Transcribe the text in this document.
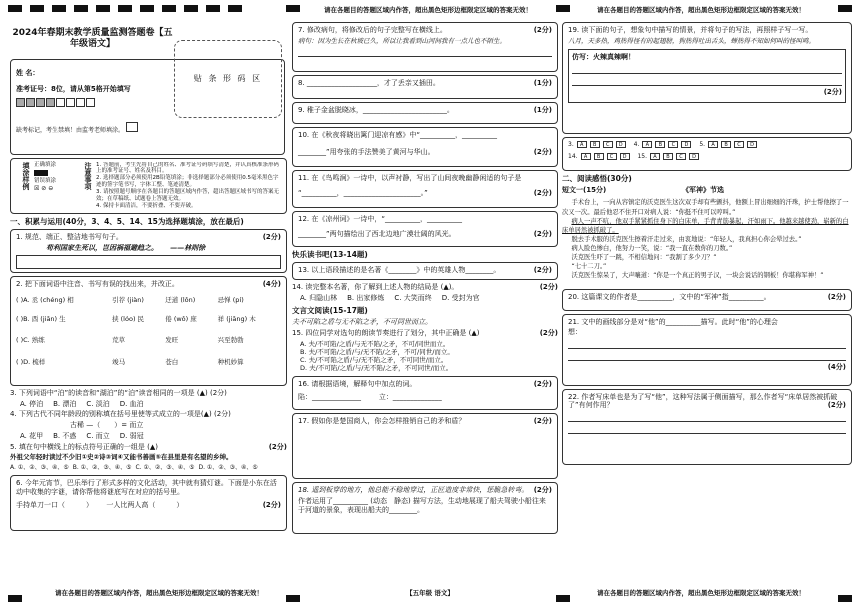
请在各题目的答题区域内作答，超出黑色矩形边框限定区域的答案无效！	请在各题目的答题区域内作答，超出黑色矩形边框限定区域的答案无效！
请在各题目的答题区域内作答，超出黑色矩形边框限定区域的答案无效！	请在各题目的答题区域内作答，超出黑色矩形边框限定区域的答案无效！
【五年级 语文】
2024年春期末教学质量监测答题卷【五年级语文】
姓 名：
准考证号：8位，请从第5格开始填写
缺考标记，考生禁填！由监考老师填涂。
填涂样例 正确填涂
错误填涂
☒ ⊘ ⊖	注意事项 1. 答题前，考生先将自己的姓名、准考证号码填写清楚，并认真核准条形码上的准考证号、姓名及科目。
2. 选择题部分必须使用2B铅笔填涂；非选择题部分必须使用0.5毫米黑色字迹的签字笔书写，字体工整、笔迹清楚。
3. 请按照题号顺序在各题目的答题区域内作答，超出答题区域书写的答案无效；在草稿纸、试题卷上答题无效。
4. 保持卡面清洁，不要折叠、不要弄破。
一、积累与运用(40分，3、4、5、14、15为选择题填涂，放在最后)
1. 规范、端正、整洁地书写句子。	(2分)
苟利国家生死以，岂因祸福避趋之。 ——林则徐
2. 把下面词语中注音、书写有误的找出来，并改正。	(4分)
( )A. 丞 (chéng) 相	引荐 (jiàn)	迂道 (lǒn)	忌惮 (pí)
( )B. 酉 (jiān) 生	挟 (lóo) 民	倦 (wǒ) 庶	祥 (jiāng) 木
( )C. 熟练	荒草	发旺	兴至勃勃
( )D. 梳样	竣马	苍白	种机妙算
3. 下列词语中“泊”的读音和“湖泊”的“泊”读音相同的一项是 (▲) (2分)
A. 停泊 B. 漂泊 C. 淡泊 D. 血泊
4. 下列古代不同年龄段的别称填在括号里使等式成立的一项是(▲) (2分)
古稀 —（　　）= 而立
A. 花甲 B. 不惑 C. 而立 D. 弱冠
5. 填在句中横线上的标点符号正确的一组是 (▲)	(2分)
外祖父年轻时读过不少旧①史②诗③词④又能书善画⑤在县里是有名望的乡绅。
A. ①、②、③、④、⑤ B. ①、②、③、④、⑤ C. ①、②、③、④、⑤ D. ①、②、③、④、⑤
6. 今年元宵节，巴乐举行了形式多样的文化活动，其中就有猜灯谜。下面是小东在活动中收集的字谜，请你帮他将谜底写在对应的括号里。
手持单刀一口（　　　） 一人比两人高（　　　）	(2分)
贴 条 形 码 区
7. 修改病句，将修改后的句子完整写在横线上。	(2分)
病句：因为生长在秋坡已久，所以让我看到山河间我有一点儿也不陌生。
8. ____________________，才了丢亲又插田。	(1分)
9. 稚子金盆脱晓冰，________________________。	(1分)
10. 在《秋夜将晓出篱门迎凉有感》中“__________，__________
________”用夸张的手法赞美了黄河与华山。	(2分)
11. 在《鸟鸣涧》一诗中，以声衬静，写出了山间夜晚幽静闲适的句子是
“__________，______________________。”	(2分)
12. 在《凉州词》一诗中，“__________，__________
________”两句描绘出了西北边地广漠壮阔的风光。	(2分)
快乐读书吧(13-14题)
13. 以上语段描述的是名著《________》中的英雄人物________。	(2分)
14. 读完整本名著，你了解到上述人物的结局是 (▲)。	(2分)
A. 归隐山林 B. 出家修炼 C. 大笑而终 D. 受封为官
文言文阅读(15-17题)
夫不可陷之盾与无不陷之矛，不可同世而立。
15. 四位同学对选句的朗读节奏进行了划分，其中正确是 (▲)	(2分)
A. 夫/不可陷/之盾/与无不陷/之矛，不可/同世而立。
B. 夫/不可陷/之盾/与/无不陷/之矛，不可/同世/而立。
C. 夫/不可陷之盾/与/无不陷之矛，不可同世/而立。
D. 夫/不可陷/之盾/与/无不陷/之矛，不可同世/而立。
16. 请根据语境，解释句中加点的词。	(2分)
陷：______________	立：______________
17. 假如你是楚国商人，你会怎样推销自己的矛和盾？	(2分)
18. 遥到板穿的地方，他总能不稳地穿过，正匠造度非常快，惩脆急转弯。 (2分)
作者运用了__________ (动态　静态) 描写方法，生动地展现了船夫驾驶小船往来于河道的景象，表现出船夫的________。
19. 读下面的句子，想象句中描写的情景，并将句子的写法，再照样子写一写。
八月，天多热，鸡热得怪有的起翅膀，狗热得吐出舌头，蝉热得不知如何叫的怪叫鸣。
仿写：火辣真辣啊！
(2分)
3. A B C D 4. A B C D 5. A B C D
14. A B C D 15. A B C D
二、阅读感悟(30分)
短文一(15分)	《军神》节选

手术台上，一向从容镇定的沃克医生这次双手却有些颤抖，他额上冒出细细的汗珠，护士帮他擦了一次又一次。最后他忍不住开口对病人说：“你挺不住可以哼叫。”

病人一声不吭，他双手紧紧抓住身下的白床单，手背青筋暴起，汗如雨下。他越来越使劲，崭新的白床单居然被抓破了。

脱去手术服的沃克医生擦着汗走过来，由衷地说：“年轻人，我真担心你会晕过去。”

病人脸色惨白，他努力一笑，说：“我一直在数你的刀数。”

沃克医生吓了一跳，不相信地问：“我割了多少刀？”

“七十二刀。”

沃克医生惊呆了，大声嚷道：“你是一个真正的男子汉，一块会说话的钢板！你堪称军神！”

20. 这篇课文的作者是__________，文中的“军神”指__________。	(2分)
21. 文中的画线部分是对“他”的__________描写。此时“他”的心理会
想：
(4分)
22. 作者写床单也是为了写“他”，这种写法属于侧面描写，那么作者写“床单居然被抓破了”有何作用？	(2分)
